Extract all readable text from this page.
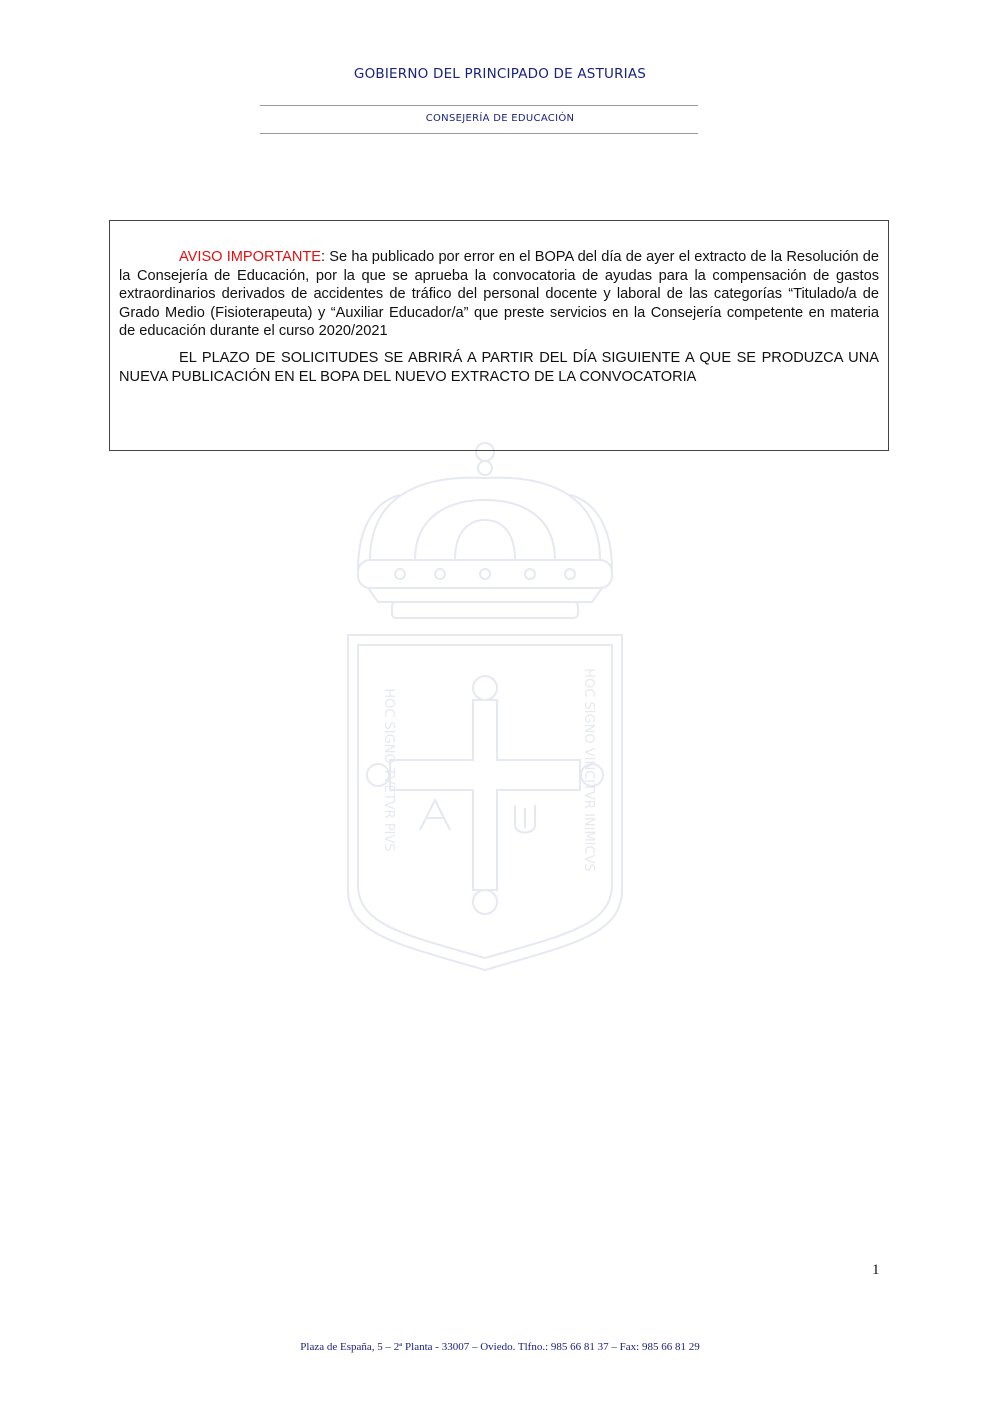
GOBIERNO DEL PRINCIPADO DE ASTURIAS
CONSEJERÍA DE EDUCACIÓN
HOC SIGNO TVETVR PIVS	HOC SIGNO VINCITVR INIMICVS

AVISO IMPORTANTE: Se ha publicado por error en el BOPA del día de ayer el extracto de la Resolución de la Consejería de Educación, por la que se aprueba la convocatoria de ayudas para la compensación de gastos extraordinarios derivados de accidentes de tráfico del personal docente y laboral de las categorías “Titulado/a de Grado Medio (Fisioterapeuta) y “Auxiliar Educador/a” que preste servicios en la Consejería competente en materia de educación durante el curso 2020/2021

EL PLAZO DE SOLICITUDES SE ABRIRÁ A PARTIR DEL DÍA SIGUIENTE A QUE SE PRODUZCA UNA NUEVA PUBLICACIÓN EN EL BOPA DEL NUEVO EXTRACTO DE LA CONVOCATORIA

1
Plaza de España, 5 – 2ª Planta - 33007 – Oviedo. Tlfno.: 985 66 81 37 – Fax: 985 66 81 29
